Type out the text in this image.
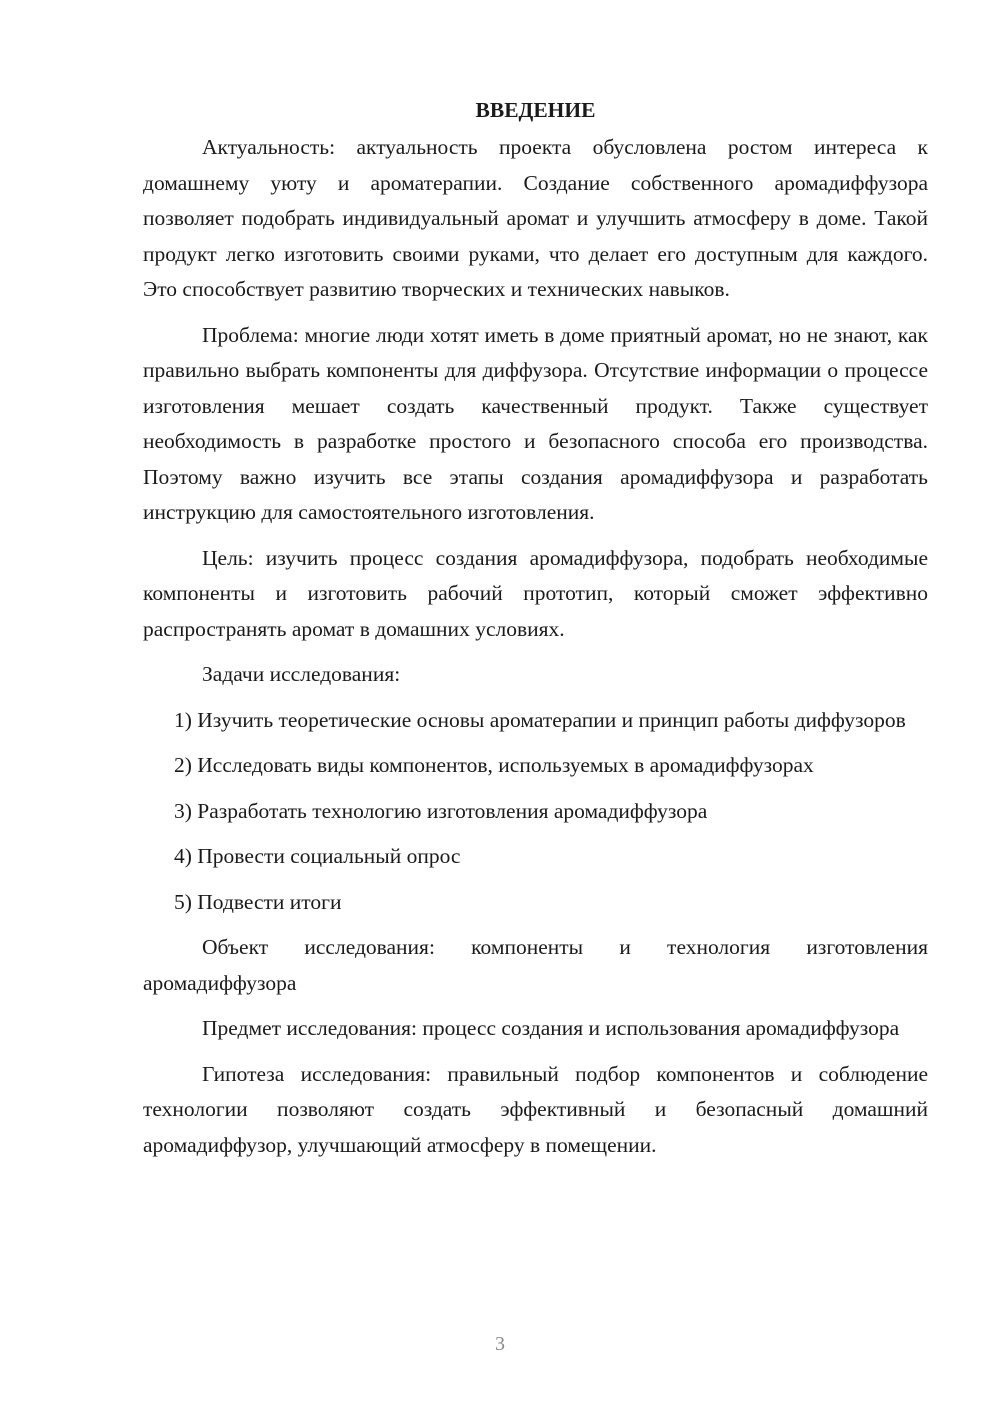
ВВЕДЕНИЕ

Актуальность: актуальность проекта обусловлена ростом интереса к домашнему уюту и ароматерапии. Создание собственного аромадиффузора позволяет подобрать индивидуальный аромат и улучшить атмосферу в доме. Такой продукт легко изготовить своими руками, что делает его доступным для каждого. Это способствует развитию творческих и технических навыков.

Проблема: многие люди хотят иметь в доме приятный аромат, но не знают, как правильно выбрать компоненты для диффузора. Отсутствие информации о процессе изготовления мешает создать качественный продукт. Также существует необходимость в разработке простого и безопасного способа его производства. Поэтому важно изучить все этапы создания аромадиффузора и разработать инструкцию для самостоятельного изготовления.

Цель: изучить процесс создания аромадиффузора, подобрать необходимые компоненты и изготовить рабочий прототип, который сможет эффективно распространять аромат в домашних условиях.

Задачи исследования:

1) Изучить теоретические основы ароматерапии и принцип работы диффузоров

2) Исследовать виды компонентов, используемых в аромадиффузорах

3) Разработать технологию изготовления аромадиффузора

4) Провести социальный опрос

5) Подвести итоги

Объект исследования: компоненты и технология изготовления аромадиффузора

Предмет исследования: процесс создания и использования аромадиффузора

Гипотеза исследования: правильный подбор компонентов и соблюдение технологии позволяют создать эффективный и безопасный домашний аромадиффузор, улучшающий атмосферу в помещении.

3
